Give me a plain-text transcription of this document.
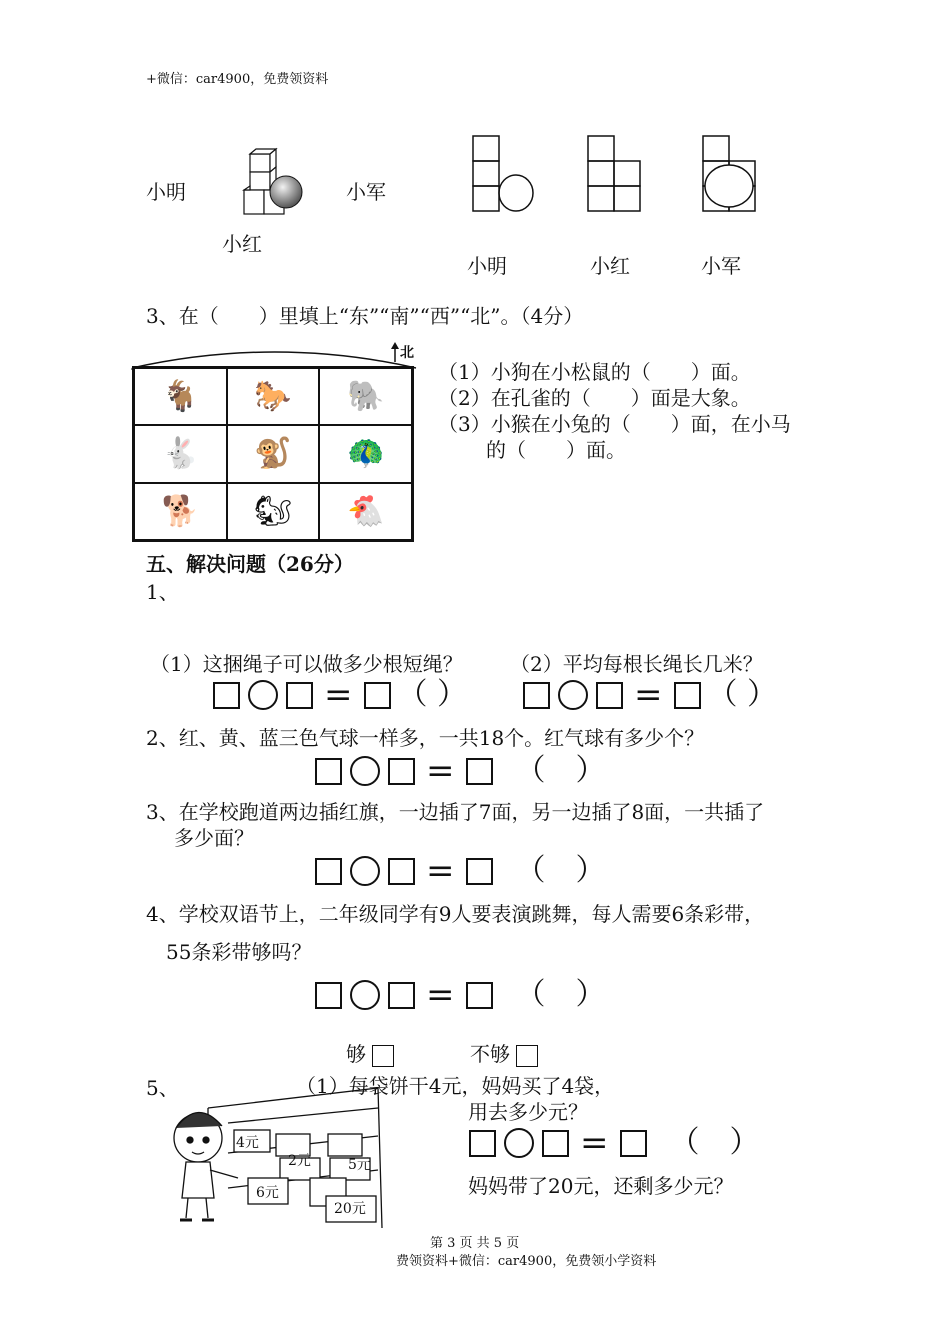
+微信：car4900，免费领资料
小明	小军
小红
小明	小红	小军
3、在（　　）里填上“东”“南”“西”“北”。（4分）
北
🐐	🐎	🐘
🐇	🐒	🦚
🐕	🐿	🐔
（1）小狗在小松鼠的（　　）面。
（2）在孔雀的（　　）面是大象。
（3）小猴在小兔的（　　）面，在小马
的（　　）面。
五、解决问题（26分）
1、
（1）这捆绳子可以做多少根短绳？ （2）平均每根长绳长几米？
= （ ）	= （ ）
2、红、黄、蓝三色气球一样多，一共18个。红气球有多少个？
= （　）
3、在学校跑道两边插红旗，一边插了7面，另一边插了8面，一共插了
多少面？
= （　）
4、学校双语节上，二年级同学有9人要表演跳舞，每人需要6条彩带，
55条彩带够吗？
= （　）
够	不够
5、
4元
2元	5元
6元
20元
（1）每袋饼干4元，妈妈买了4袋，
用去多少元？
= （　）
妈妈带了20元，还剩多少元？
第 3 页 共 5 页
费领资料+微信：car4900，免费领小学资料
